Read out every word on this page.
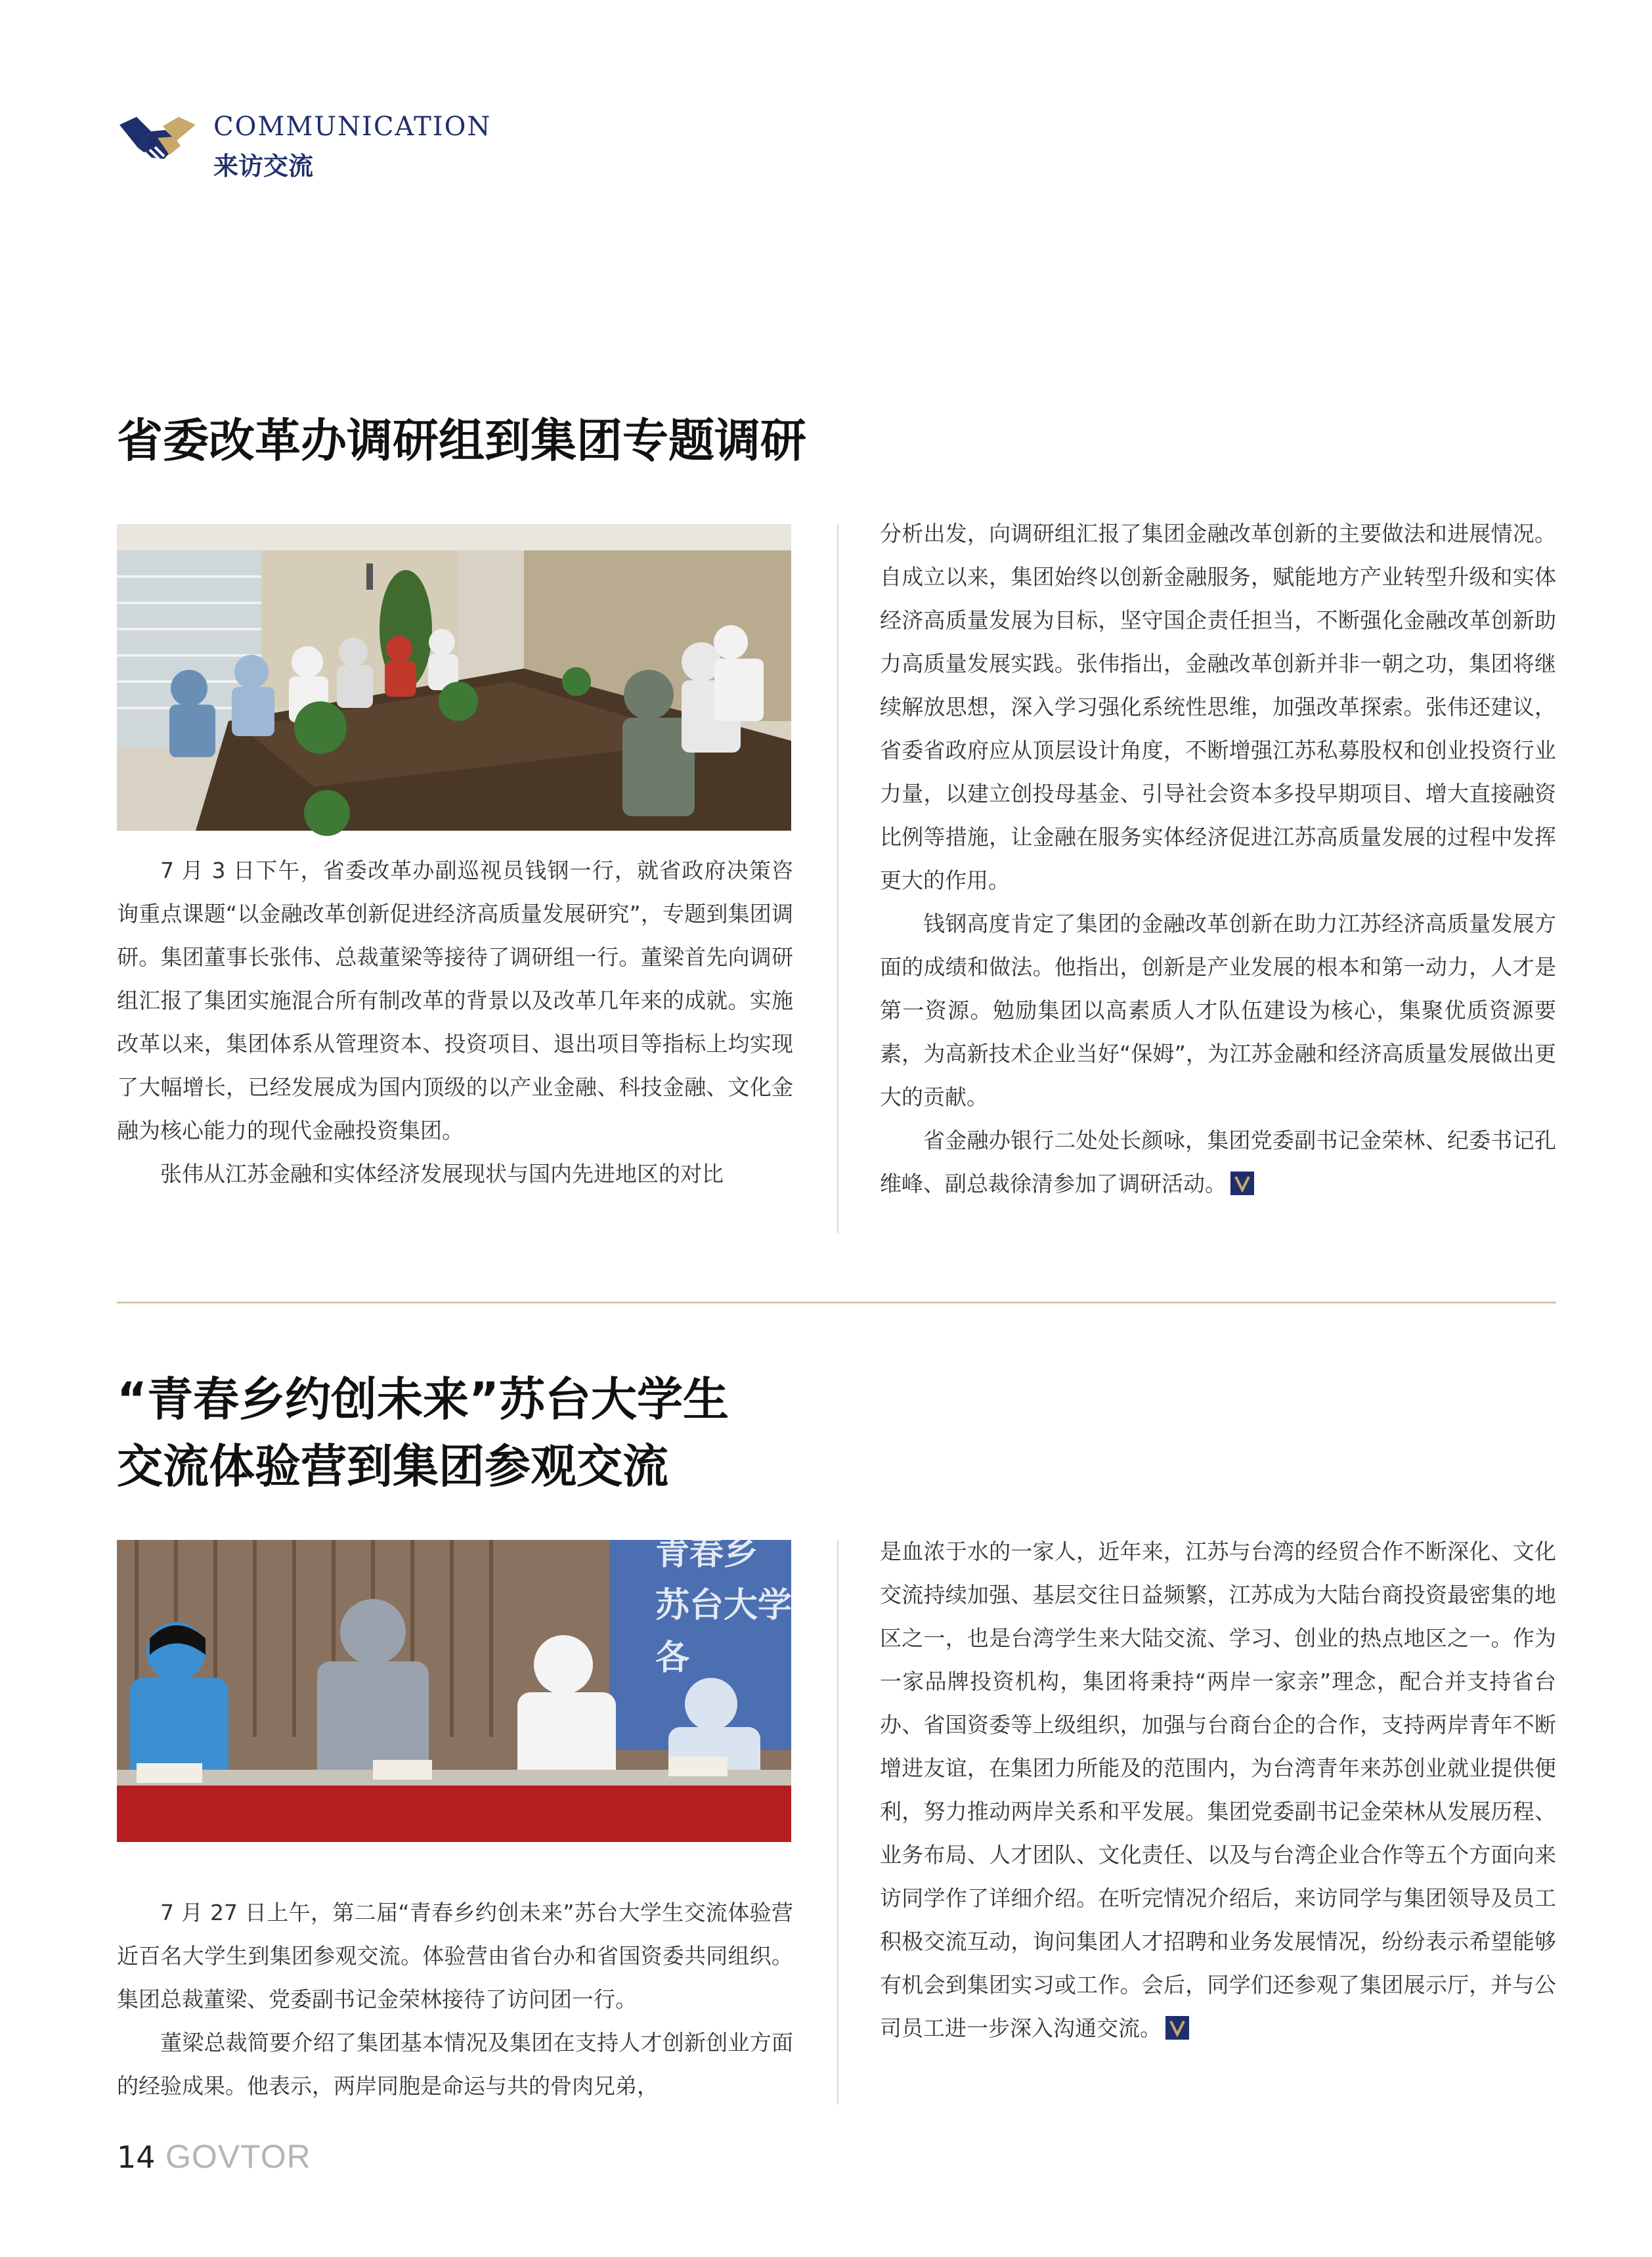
COMMUNICATION
来访交流
省委改革办调研组到集团专题调研

7 月 3 日下午，省委改革办副巡视员钱钢一行，就省政府决策咨询重点课题“以金融改革创新促进经济高质量发展研究”，专题到集团调研。集团董事长张伟、总裁董梁等接待了调研组一行。董梁首先向调研组汇报了集团实施混合所有制改革的背景以及改革几年来的成就。实施改革以来，集团体系从管理资本、投资项目、退出项目等指标上均实现了大幅增长，已经发展成为国内顶级的以产业金融、科技金融、文化金融为核心能力的现代金融投资集团。

张伟从江苏金融和实体经济发展现状与国内先进地区的对比

分析出发，向调研组汇报了集团金融改革创新的主要做法和进展情况。自成立以来，集团始终以创新金融服务，赋能地方产业转型升级和实体经济高质量发展为目标，坚守国企责任担当，不断强化金融改革创新助力高质量发展实践。张伟指出，金融改革创新并非一朝之功，集团将继续解放思想，深入学习强化系统性思维，加强改革探索。张伟还建议，省委省政府应从顶层设计角度，不断增强江苏私募股权和创业投资行业力量，以建立创投母基金、引导社会资本多投早期项目、增大直接融资比例等措施，让金融在服务实体经济促进江苏高质量发展的过程中发挥更大的作用。

钱钢高度肯定了集团的金融改革创新在助力江苏经济高质量发展方面的成绩和做法。他指出，创新是产业发展的根本和第一动力，人才是第一资源。勉励集团以高素质人才队伍建设为核心，集聚优质资源要素，为高新技术企业当好“保姆”，为江苏金融和经济高质量发展做出更大的贡献。

省金融办银行二处处长颜咏，集团党委副书记金荣林、纪委书记孔维峰、副总裁徐清参加了调研活动。

“青春乡约创未来”苏台大学生
交流体验营到集团参观交流
青春乡
苏台大学生
各

7 月 27 日上午，第二届“青春乡约创未来”苏台大学生交流体验营近百名大学生到集团参观交流。体验营由省台办和省国资委共同组织。集团总裁董梁、党委副书记金荣林接待了访问团一行。

董梁总裁简要介绍了集团基本情况及集团在支持人才创新创业方面的经验成果。他表示，两岸同胞是命运与共的骨肉兄弟，

是血浓于水的一家人，近年来，江苏与台湾的经贸合作不断深化、文化交流持续加强、基层交往日益频繁，江苏成为大陆台商投资最密集的地区之一，也是台湾学生来大陆交流、学习、创业的热点地区之一。作为一家品牌投资机构，集团将秉持“两岸一家亲”理念，配合并支持省台办、省国资委等上级组织，加强与台商台企的合作，支持两岸青年不断增进友谊，在集团力所能及的范围内，为台湾青年来苏创业就业提供便利，努力推动两岸关系和平发展。集团党委副书记金荣林从发展历程、业务布局、人才团队、文化责任、以及与台湾企业合作等五个方面向来访同学作了详细介绍。在听完情况介绍后，来访同学与集团领导及员工积极交流互动，询问集团人才招聘和业务发展情况，纷纷表示希望能够有机会到集团实习或工作。会后，同学们还参观了集团展示厅，并与公司员工进一步深入沟通交流。

14 GOVTOR
